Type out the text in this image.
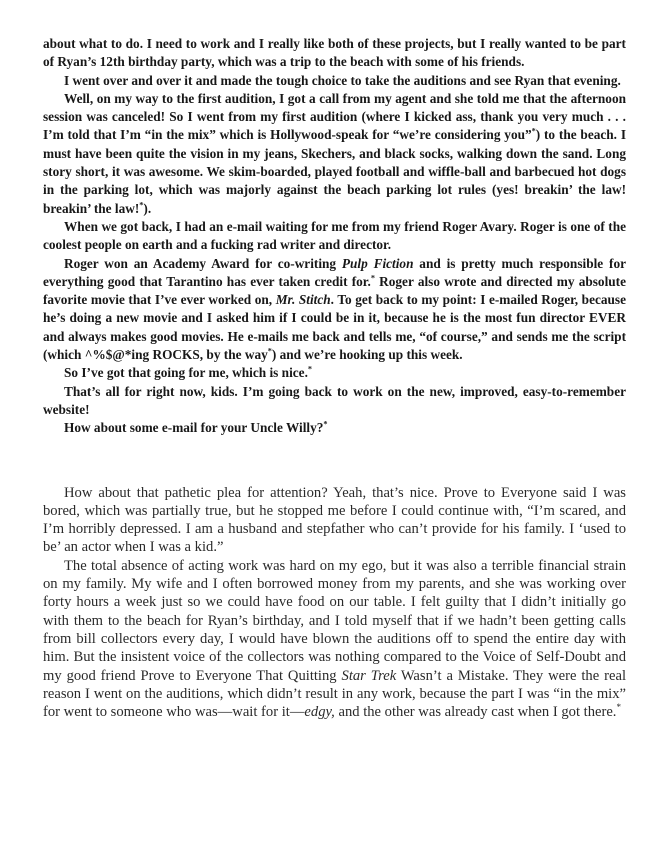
about what to do. I need to work and I really like both of these projects, but I really wanted to be part of Ryan’s 12th birthday party, which was a trip to the beach with some of his friends.

I went over and over it and made the tough choice to take the auditions and see Ryan that evening.

Well, on my way to the first audition, I got a call from my agent and she told me that the afternoon session was canceled! So I went from my first audition (where I kicked ass, thank you very much . . . I’m told that I’m “in the mix” which is Hollywood-speak for “we’re considering you”*) to the beach. I must have been quite the vision in my jeans, Skechers, and black socks, walking down the sand. Long story short, it was awesome. We skim-boarded, played football and wiffle-ball and barbecued hot dogs in the parking lot, which was majorly against the beach parking lot rules (yes! breakin’ the law! breakin’ the law!*).

When we got back, I had an e-mail waiting for me from my friend Roger Avary. Roger is one of the coolest people on earth and a fucking rad writer and director.

Roger won an Academy Award for co-writing Pulp Fiction and is pretty much responsible for everything good that Tarantino has ever taken credit for.* Roger also wrote and directed my absolute favorite movie that I’ve ever worked on, Mr. Stitch. To get back to my point: I e-mailed Roger, because he’s doing a new movie and I asked him if I could be in it, because he is the most fun director EVER and always makes good movies. He e-mails me back and tells me, “of course,” and sends me the script (which ^%$@*ing ROCKS, by the way*) and we’re hooking up this week.

So I’ve got that going for me, which is nice.*

That’s all for right now, kids. I’m going back to work on the new, improved, easy-to-remember website!

How about some e-mail for your Uncle Willy?*

How about that pathetic plea for attention? Yeah, that’s nice. Prove to Everyone said I was bored, which was partially true, but he stopped me before I could continue with, “I’m scared, and I’m horribly depressed. I am a husband and stepfather who can’t provide for his family. I ‘used to be’ an actor when I was a kid.”

The total absence of acting work was hard on my ego, but it was also a terrible financial strain on my family. My wife and I often borrowed money from my parents, and she was working over forty hours a week just so we could have food on our table. I felt guilty that I didn’t initially go with them to the beach for Ryan’s birthday, and I told myself that if we hadn’t been getting calls from bill collectors every day, I would have blown the auditions off to spend the entire day with him. But the insistent voice of the collectors was nothing compared to the Voice of Self-Doubt and my good friend Prove to Everyone That Quitting Star Trek Wasn’t a Mistake. They were the real reason I went on the auditions, which didn’t result in any work, because the part I was “in the mix” for went to someone who was—wait for it—edgy, and the other was already cast when I got there.*
